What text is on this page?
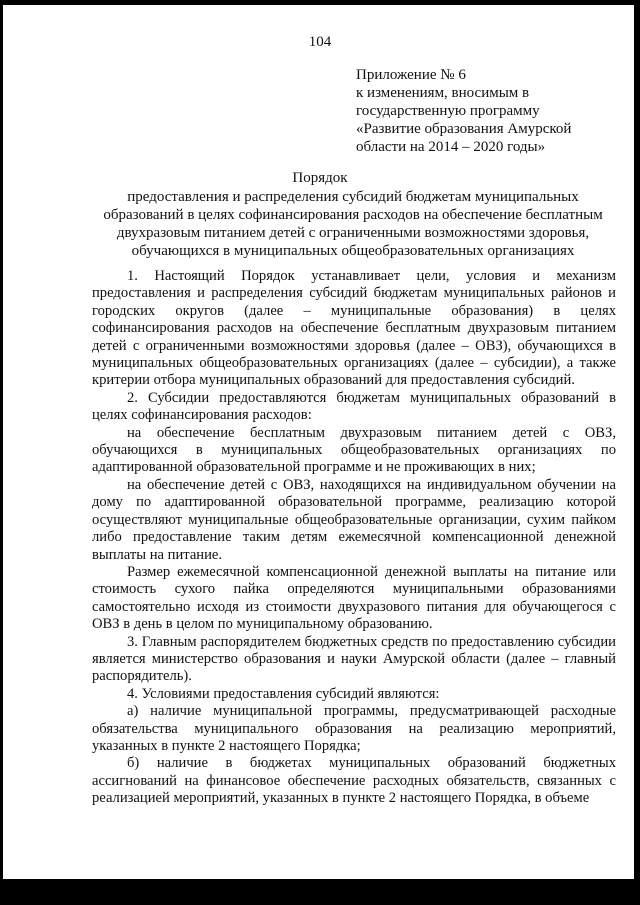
104
Приложение № 6
к изменениям, вносимым в
государственную программу
«Развитие образования Амурской
области на 2014 – 2020 годы»
Порядок
предоставления и распределения субсидий бюджетам муниципальных
образований в целях софинансирования расходов на обеспечение бесплатным
двухразовым питанием детей с ограниченными возможностями здоровья,
обучающихся в муниципальных общеобразовательных организациях

1. Настоящий Порядок устанавливает цели, условия и механизм предоставления и распределения субсидий бюджетам муниципальных районов и городских округов (далее – муниципальные образования) в целях софинансирования расходов на обеспечение бесплатным двухразовым питанием детей с ограниченными возможностями здоровья (далее – ОВЗ), обучающихся в муниципальных общеобразовательных организациях (далее – субсидии), а также критерии отбора муниципальных образований для предоставления субсидий.

2. Субсидии предоставляются бюджетам муниципальных образований в целях софинансирования расходов:

на обеспечение бесплатным двухразовым питанием детей с ОВЗ, обучающихся в муниципальных общеобразовательных организациях по адаптированной образовательной программе и не проживающих в них;

на обеспечение детей с ОВЗ, находящихся на индивидуальном обучении на дому по адаптированной образовательной программе, реализацию которой осуществляют муниципальные общеобразовательные организации, сухим пайком либо предоставление таким детям ежемесячной компенсационной денежной выплаты на питание.

Размер ежемесячной компенсационной денежной выплаты на питание или стоимость сухого пайка определяются муниципальными образованиями самостоятельно исходя из стоимости двухразового питания для обучающегося с ОВЗ в день в целом по муниципальному образованию.

3. Главным распорядителем бюджетных средств по предоставлению субсидии является министерство образования и науки Амурской области (далее – главный распорядитель).

4. Условиями предоставления субсидий являются:

а) наличие муниципальной программы, предусматривающей расходные обязательства муниципального образования на реализацию мероприятий, указанных в пункте 2 настоящего Порядка;

б) наличие в бюджетах муниципальных образований бюджетных ассигнований на финансовое обеспечение расходных обязательств, связанных с реализацией мероприятий, указанных в пункте 2 настоящего Порядка, в объеме
